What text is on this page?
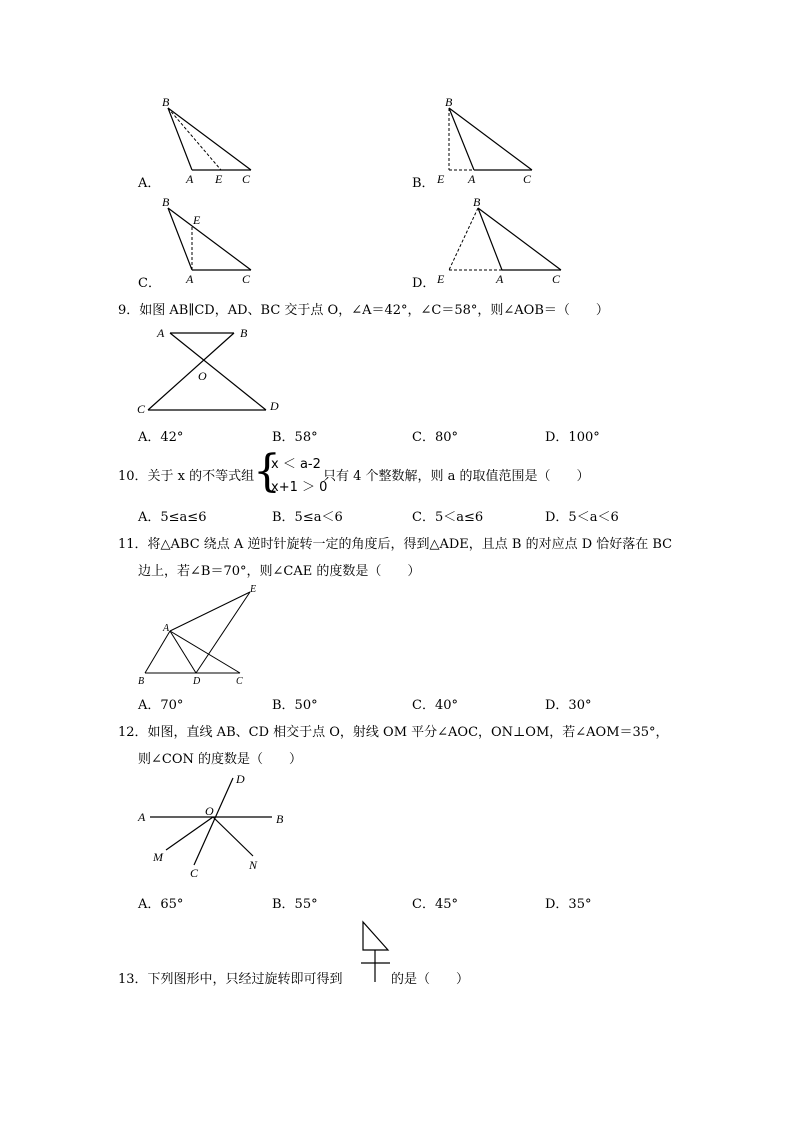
B
A E C
A．
B
E A	C
B．
B
E
A	C
C．
B
E	A	C
D．
9．如图 AB∥CD，AD、BC 交于点 O，∠A＝42°，∠C＝58°，则∠AOB＝（　　）
A	B
O
C	D
A．42°	B．58°	C．80°	D．100°
10．关于 x 的不等式组
{
x ＜ a-2
x+1 ＞ 0
只有 4 个整数解，则 a 的取值范围是（　　）
A．5≤a≤6	B．5≤a＜6	C．5＜a≤6	D．5＜a＜6
11．将△ABC 绕点 A 逆时针旋转一定的角度后，得到△ADE，且点 B 的对应点 D 恰好落在 BC
边上，若∠B＝70°，则∠CAE 的度数是（　　）
A
B	D	C
E
A．70°	B．50°	C．40°	D．30°
12．如图，直线 AB、CD 相交于点 O，射线 OM 平分∠AOC，ON⊥OM，若∠AOM＝35°，
则∠CON 的度数是（　　）
A	B
O
D
M
C
N
A．65°	B．55°	C．45°	D．35°
13．下列图形中，只经过旋转即可得到	的是（　　）
